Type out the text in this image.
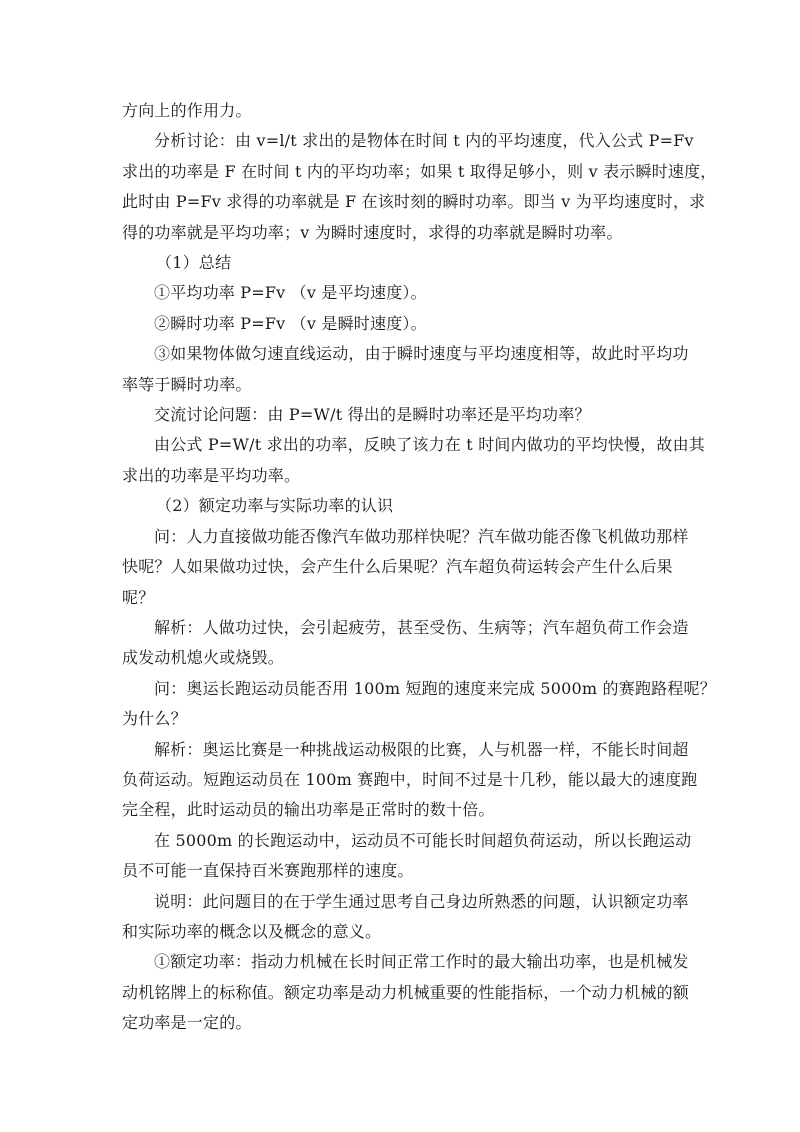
方向上的作用力。

分析讨论：由 v=l/t 求出的是物体在时间 t 内的平均速度，代入公式 P=Fv

求出的功率是 F 在时间 t 内的平均功率；如果 t 取得足够小，则 v 表示瞬时速度，

此时由 P=Fv 求得的功率就是 F 在该时刻的瞬时功率。即当 v 为平均速度时，求

得的功率就是平均功率；v 为瞬时速度时，求得的功率就是瞬时功率。

（1）总结

①平均功率 P=Fv （v 是平均速度）。

②瞬时功率 P=Fv （v 是瞬时速度）。

③如果物体做匀速直线运动，由于瞬时速度与平均速度相等，故此时平均功

率等于瞬时功率。

交流讨论问题：由 P=W/t 得出的是瞬时功率还是平均功率？

由公式 P=W/t 求出的功率，反映了该力在 t 时间内做功的平均快慢，故由其

求出的功率是平均功率。

（2）额定功率与实际功率的认识

问：人力直接做功能否像汽车做功那样快呢？汽车做功能否像飞机做功那样

快呢？人如果做功过快，会产生什么后果呢？汽车超负荷运转会产生什么后果

呢？

解析：人做功过快，会引起疲劳，甚至受伤、生病等；汽车超负荷工作会造

成发动机熄火或烧毁。

问：奥运长跑运动员能否用 100m 短跑的速度来完成 5000m 的赛跑路程呢？

为什么？

解析：奥运比赛是一种挑战运动极限的比赛，人与机器一样，不能长时间超

负荷运动。短跑运动员在 100m 赛跑中，时间不过是十几秒，能以最大的速度跑

完全程，此时运动员的输出功率是正常时的数十倍。

在 5000m 的长跑运动中，运动员不可能长时间超负荷运动，所以长跑运动

员不可能一直保持百米赛跑那样的速度。

说明：此问题目的在于学生通过思考自己身边所熟悉的问题，认识额定功率

和实际功率的概念以及概念的意义。

①额定功率：指动力机械在长时间正常工作时的最大输出功率，也是机械发

动机铭牌上的标称值。额定功率是动力机械重要的性能指标，一个动力机械的额

定功率是一定的。
